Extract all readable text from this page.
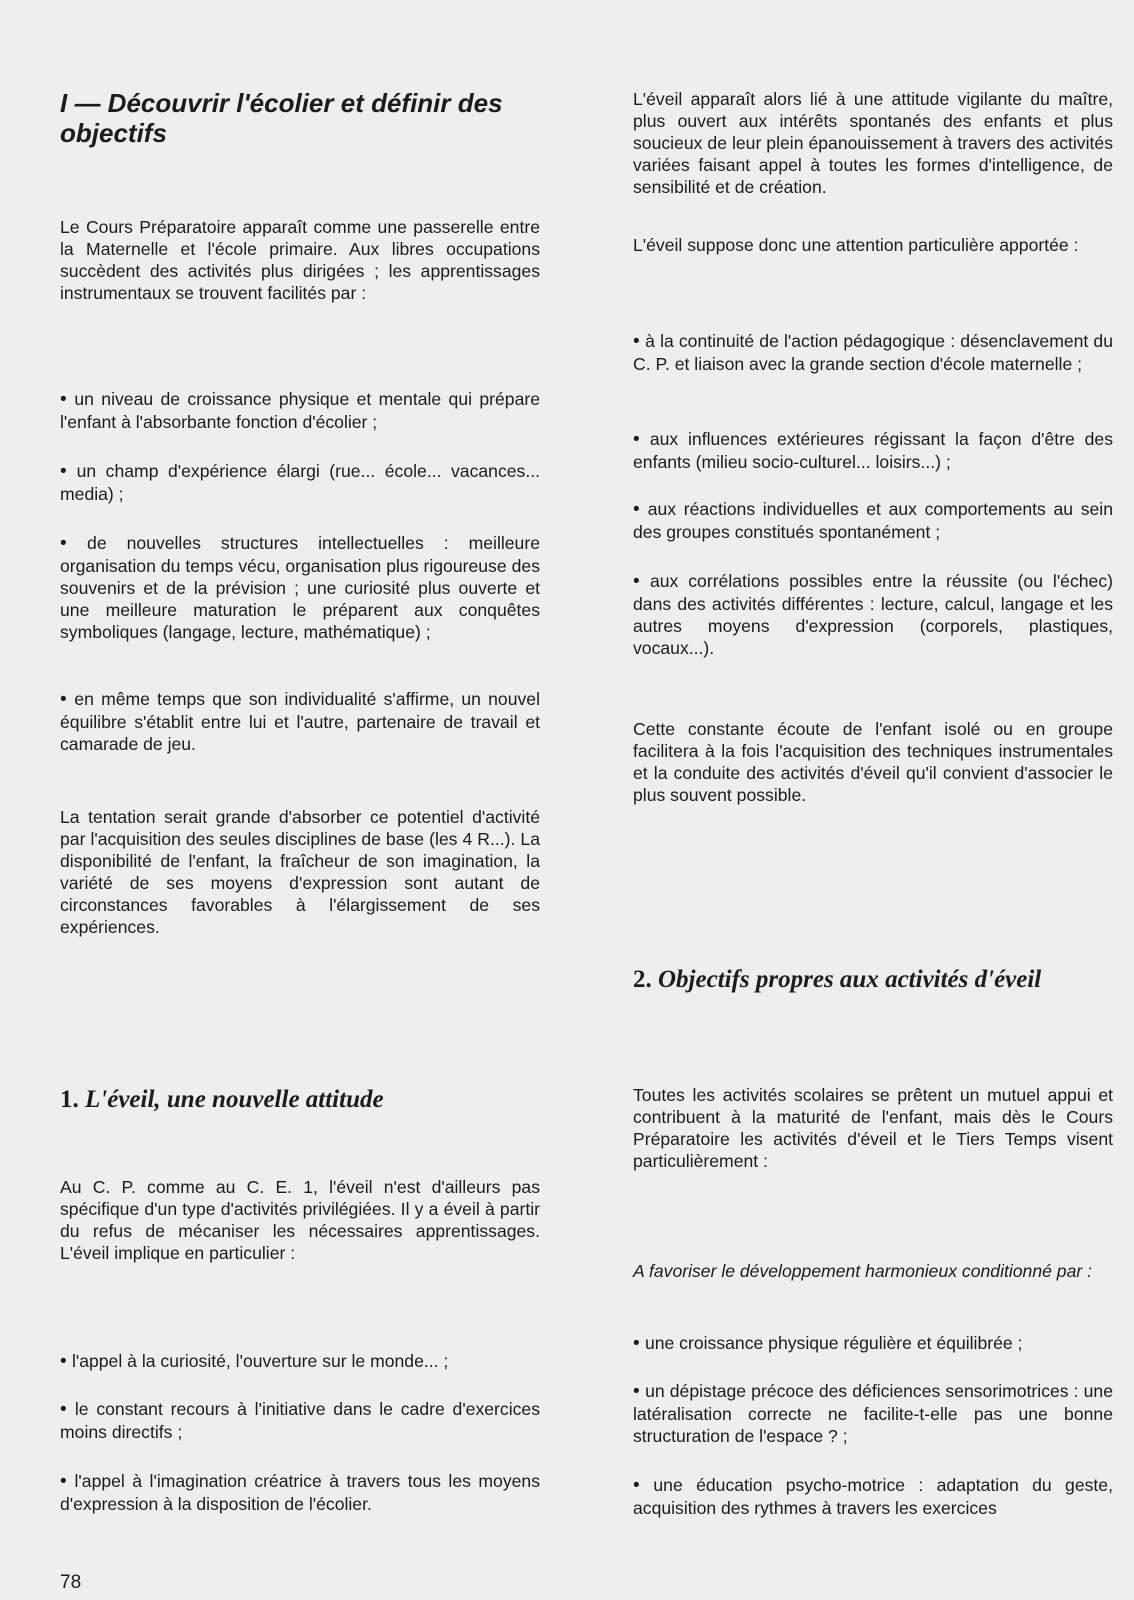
I — Découvrir l'écolier et définir des objectifs

Le Cours Préparatoire apparaît comme une passerelle entre la Maternelle et l'école primaire. Aux libres occupations succèdent des activités plus dirigées ; les apprentissages instrumentaux se trouvent facilités par :

• un niveau de croissance physique et mentale qui prépare l'enfant à l'absorbante fonction d'écolier ;

• un champ d'expérience élargi (rue... école... vacances... media) ;

• de nouvelles structures intellectuelles : meilleure organisation du temps vécu, organisation plus rigoureuse des souvenirs et de la prévision ; une curiosité plus ouverte et une meilleure maturation le préparent aux conquêtes symboliques (langage, lecture, mathématique) ;

• en même temps que son individualité s'affirme, un nouvel équilibre s'établit entre lui et l'autre, partenaire de travail et camarade de jeu.

La tentation serait grande d'absorber ce potentiel d'activité par l'acquisition des seules disciplines de base (les 4 R...). La disponibilité de l'enfant, la fraîcheur de son imagination, la variété de ses moyens d'expression sont autant de circonstances favorables à l'élargissement de ses expériences.

1. L'éveil, une nouvelle attitude

Au C. P. comme au C. E. 1, l'éveil n'est d'ailleurs pas spécifique d'un type d'activités privilégiées. Il y a éveil à partir du refus de mécaniser les nécessaires apprentissages. L'éveil implique en particulier :

• l'appel à la curiosité, l'ouverture sur le monde... ;

• le constant recours à l'initiative dans le cadre d'exercices moins directifs ;

• l'appel à l'imagination créatrice à travers tous les moyens d'expression à la disposition de l'écolier.

L'éveil apparaît alors lié à une attitude vigilante du maître, plus ouvert aux intérêts spontanés des enfants et plus soucieux de leur plein épanouissement à travers des activités variées faisant appel à toutes les formes d'intelligence, de sensibilité et de création.

L'éveil suppose donc une attention particulière apportée :

• à la continuité de l'action pédagogique : désenclavement du C. P. et liaison avec la grande section d'école maternelle ;

• aux influences extérieures régissant la façon d'être des enfants (milieu socio-culturel... loisirs...) ;

• aux réactions individuelles et aux comportements au sein des groupes constitués spontanément ;

• aux corrélations possibles entre la réussite (ou l'échec) dans des activités différentes : lecture, calcul, langage et les autres moyens d'expression (corporels, plastiques, vocaux...).

Cette constante écoute de l'enfant isolé ou en groupe facilitera à la fois l'acquisition des techniques instrumentales et la conduite des activités d'éveil qu'il convient d'associer le plus souvent possible.

2. Objectifs propres aux activités d'éveil

Toutes les activités scolaires se prêtent un mutuel appui et contribuent à la maturité de l'enfant, mais dès le Cours Préparatoire les activités d'éveil et le Tiers Temps visent particulièrement :

A favoriser le développement harmonieux conditionné par :

• une croissance physique régulière et équilibrée ;

• un dépistage précoce des déficiences sensorimotrices : une latéralisation correcte ne facilite-t-elle pas une bonne structuration de l'espace ? ;

• une éducation psycho-motrice : adaptation du geste, acquisition des rythmes à travers les exercices

78
